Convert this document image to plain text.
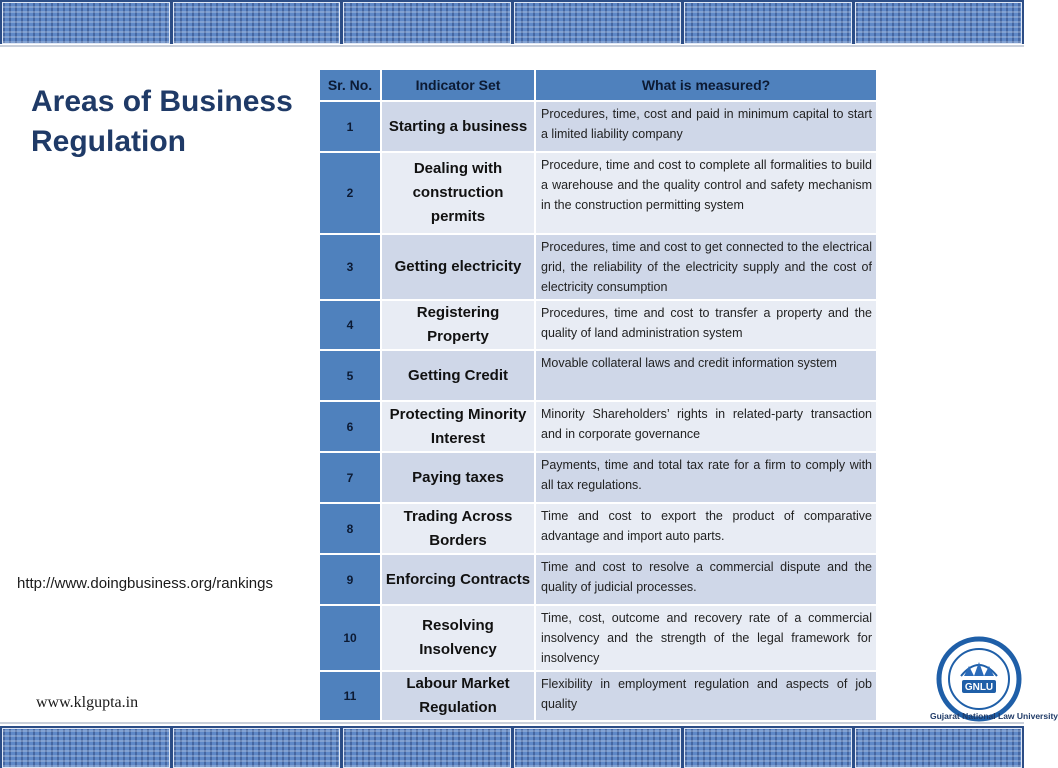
Areas of Business
Regulation
Sr. No.	Indicator Set	What is measured?
1	Starting a business	Procedures, time, cost and paid in minimum capital to start a limited liability company
2	Dealing with construction permits	Procedure, time and cost to complete all formalities to build a warehouse and the quality control and safety mechanism in the construction permitting system
3	Getting electricity	Procedures, time and cost to get connected to the electrical grid, the reliability of the electricity supply and the cost of electricity consumption
4	Registering Property	Procedures, time and cost to transfer a property and the quality of land administration system
5	Getting Credit	Movable collateral laws and credit information system
6	Protecting Minority Interest	Minority Shareholders’ rights in related-party transaction and in corporate governance
7	Paying taxes	Payments, time and total tax rate for a firm to comply with all tax regulations.
8	Trading Across Borders	Time and cost to export the product of comparative advantage and import auto parts.
9	Enforcing Contracts	Time and cost to resolve a commercial dispute and the quality of judicial processes.
10	Resolving Insolvency	Time, cost, outcome and recovery rate of a commercial insolvency and the strength of the legal framework for insolvency
11	Labour Market Regulation	Flexibility in employment regulation and aspects of job quality
http://www.doingbusiness.org/rankings
www.klgupta.in
GNLU
Gujarat National Law University
